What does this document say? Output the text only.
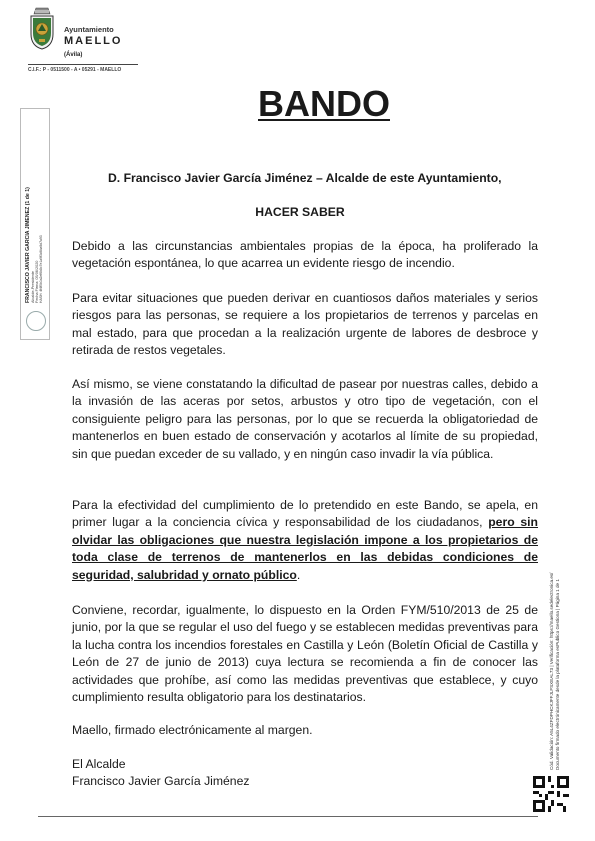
Ayuntamiento
MAELLO (Ávila)
C.I.F.: P - 0511500 - A • 05291 - MAELLO
FRANCISCO JAVIER GARCIA JIMENEZ (1 de 1) Alcalde-Presidente Fecha Firma: 05/06/2020 HASH: 4f4f5b0a2ef6b8c7e1a9f3d6ba9d7a93
Cód. Validación: A5L4ZFDPHCKJFFJLFSXEAL73 | Verificación: https://maello.sedelectronica.es/ Documento firmado electrónicamente desde la plataforma esPublico Gestiona | Página 1 de 1
BANDO
D. Francisco Javier García Jiménez – Alcalde de este Ayuntamiento,
HACER SABER

Debido a las circunstancias ambientales propias de la época, ha proliferado la vegetación espontánea, lo que acarrea un evidente riesgo de incendio.

Para evitar situaciones que pueden derivar en cuantiosos daños materiales y serios riesgos para las personas, se requiere a los propietarios de terrenos y parcelas en mal estado, para que procedan a la realización urgente de labores de desbroce y retirada de restos vegetales.

Así mismo, se viene constatando la dificultad de pasear por nuestras calles, debido a la invasión de las aceras por setos, arbustos y otro tipo de vegetación, con el consiguiente peligro para las personas, por lo que se recuerda la obligatoriedad de mantenerlos en buen estado de conservación y acotarlos al límite de su propiedad, sin que puedan exceder de su vallado, y en ningún caso invadir la vía pública.

Para la efectividad del cumplimiento de lo pretendido en este Bando, se apela, en primer lugar a la conciencia cívica y responsabilidad de los ciudadanos, pero sin olvidar las obligaciones que nuestra legislación impone a los propietarios de toda clase de terrenos de mantenerlos en las debidas condiciones de seguridad, salubridad y ornato público.

Conviene, recordar, igualmente, lo dispuesto en la Orden FYM/510/2013 de 25 de junio, por la que se regular el uso del fuego y se establecen medidas preventivas para la lucha contra los incendios forestales en Castilla y León (Boletín Oficial de Castilla y León de 27 de junio de 2013) cuya lectura se recomienda a fin de conocer las actividades que prohíbe, así como las medidas preventivas que establece, y cuyo cumplimiento resulta obligatorio para los destinatarios.

Maello, firmado electrónicamente al margen.

El Alcalde
Francisco Javier García Jiménez
